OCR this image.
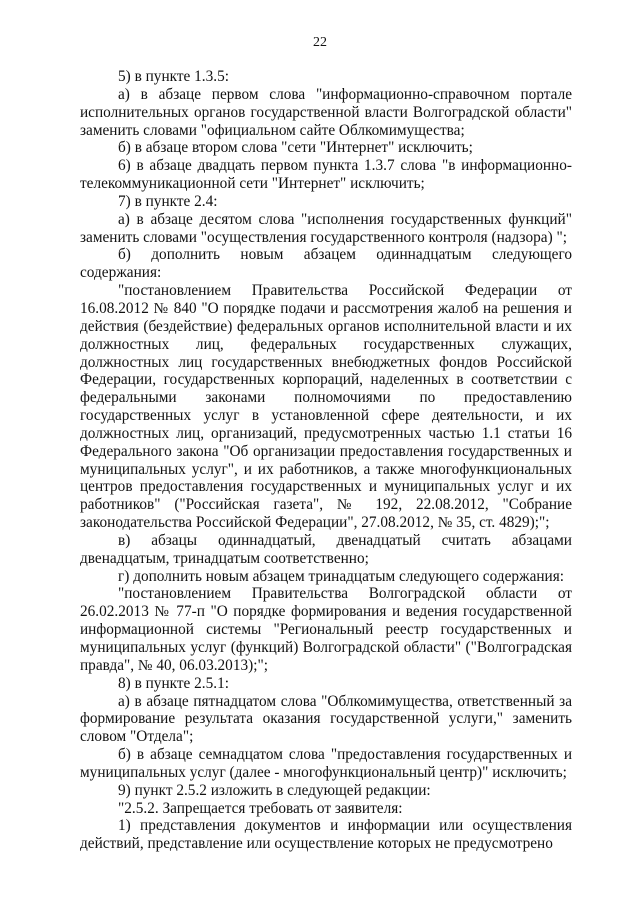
22

5) в пункте 1.3.5:

а) в абзаце первом слова "информационно-справочном портале исполнительных органов государственной власти Волгоградской области" заменить словами "официальном сайте Облкомимущества;

б) в абзаце втором слова "сети "Интернет" исключить;

6) в абзаце двадцать первом пункта 1.3.7 слова "в информационно-телекоммуникационной сети "Интернет" исключить;

7) в пункте 2.4:

а) в абзаце десятом слова "исполнения государственных функций" заменить словами "осуществления государственного контроля (надзора) ";

б) дополнить новым абзацем одиннадцатым следующего содержания:

"постановлением Правительства Российской Федерации от 16.08.2012 № 840 "О порядке подачи и рассмотрения жалоб на решения и действия (бездействие) федеральных органов исполнительной власти и их должностных лиц, федеральных государственных служащих, должностных лиц государственных внебюджетных фондов Российской Федерации, государственных корпораций, наделенных в соответствии с федеральными законами полномочиями по предоставлению государственных услуг в установленной сфере деятельности, и их должностных лиц, организаций, предусмотренных частью 1.1 статьи 16 Федерального закона "Об организации предоставления государственных и муниципальных услуг", и их работников, а также многофункциональных центров предоставления государственных и муниципальных услуг и их работников" ("Российская газета", № 192, 22.08.2012, "Собрание законодательства Российской Федерации", 27.08.2012, № 35, ст. 4829);";

в) абзацы одиннадцатый, двенадцатый считать абзацами двенадцатым, тринадцатым соответственно;

г) дополнить новым абзацем тринадцатым следующего содержания:

"постановлением Правительства Волгоградской области от 26.02.2013 № 77-п "О порядке формирования и ведения государственной информационной системы "Региональный реестр государственных и муниципальных услуг (функций) Волгоградской области" ("Волгоградская правда", № 40, 06.03.2013);";

8) в пункте 2.5.1:

а) в абзаце пятнадцатом слова "Облкомимущества, ответственный за формирование результата оказания государственной услуги," заменить словом "Отдела";

б) в абзаце семнадцатом слова "предоставления государственных и муниципальных услуг (далее - многофункциональный центр)" исключить;

9) пункт 2.5.2 изложить в следующей редакции:

"2.5.2. Запрещается требовать от заявителя:

1) представления документов и информации или осуществления действий, представление или осуществление которых не предусмотрено
